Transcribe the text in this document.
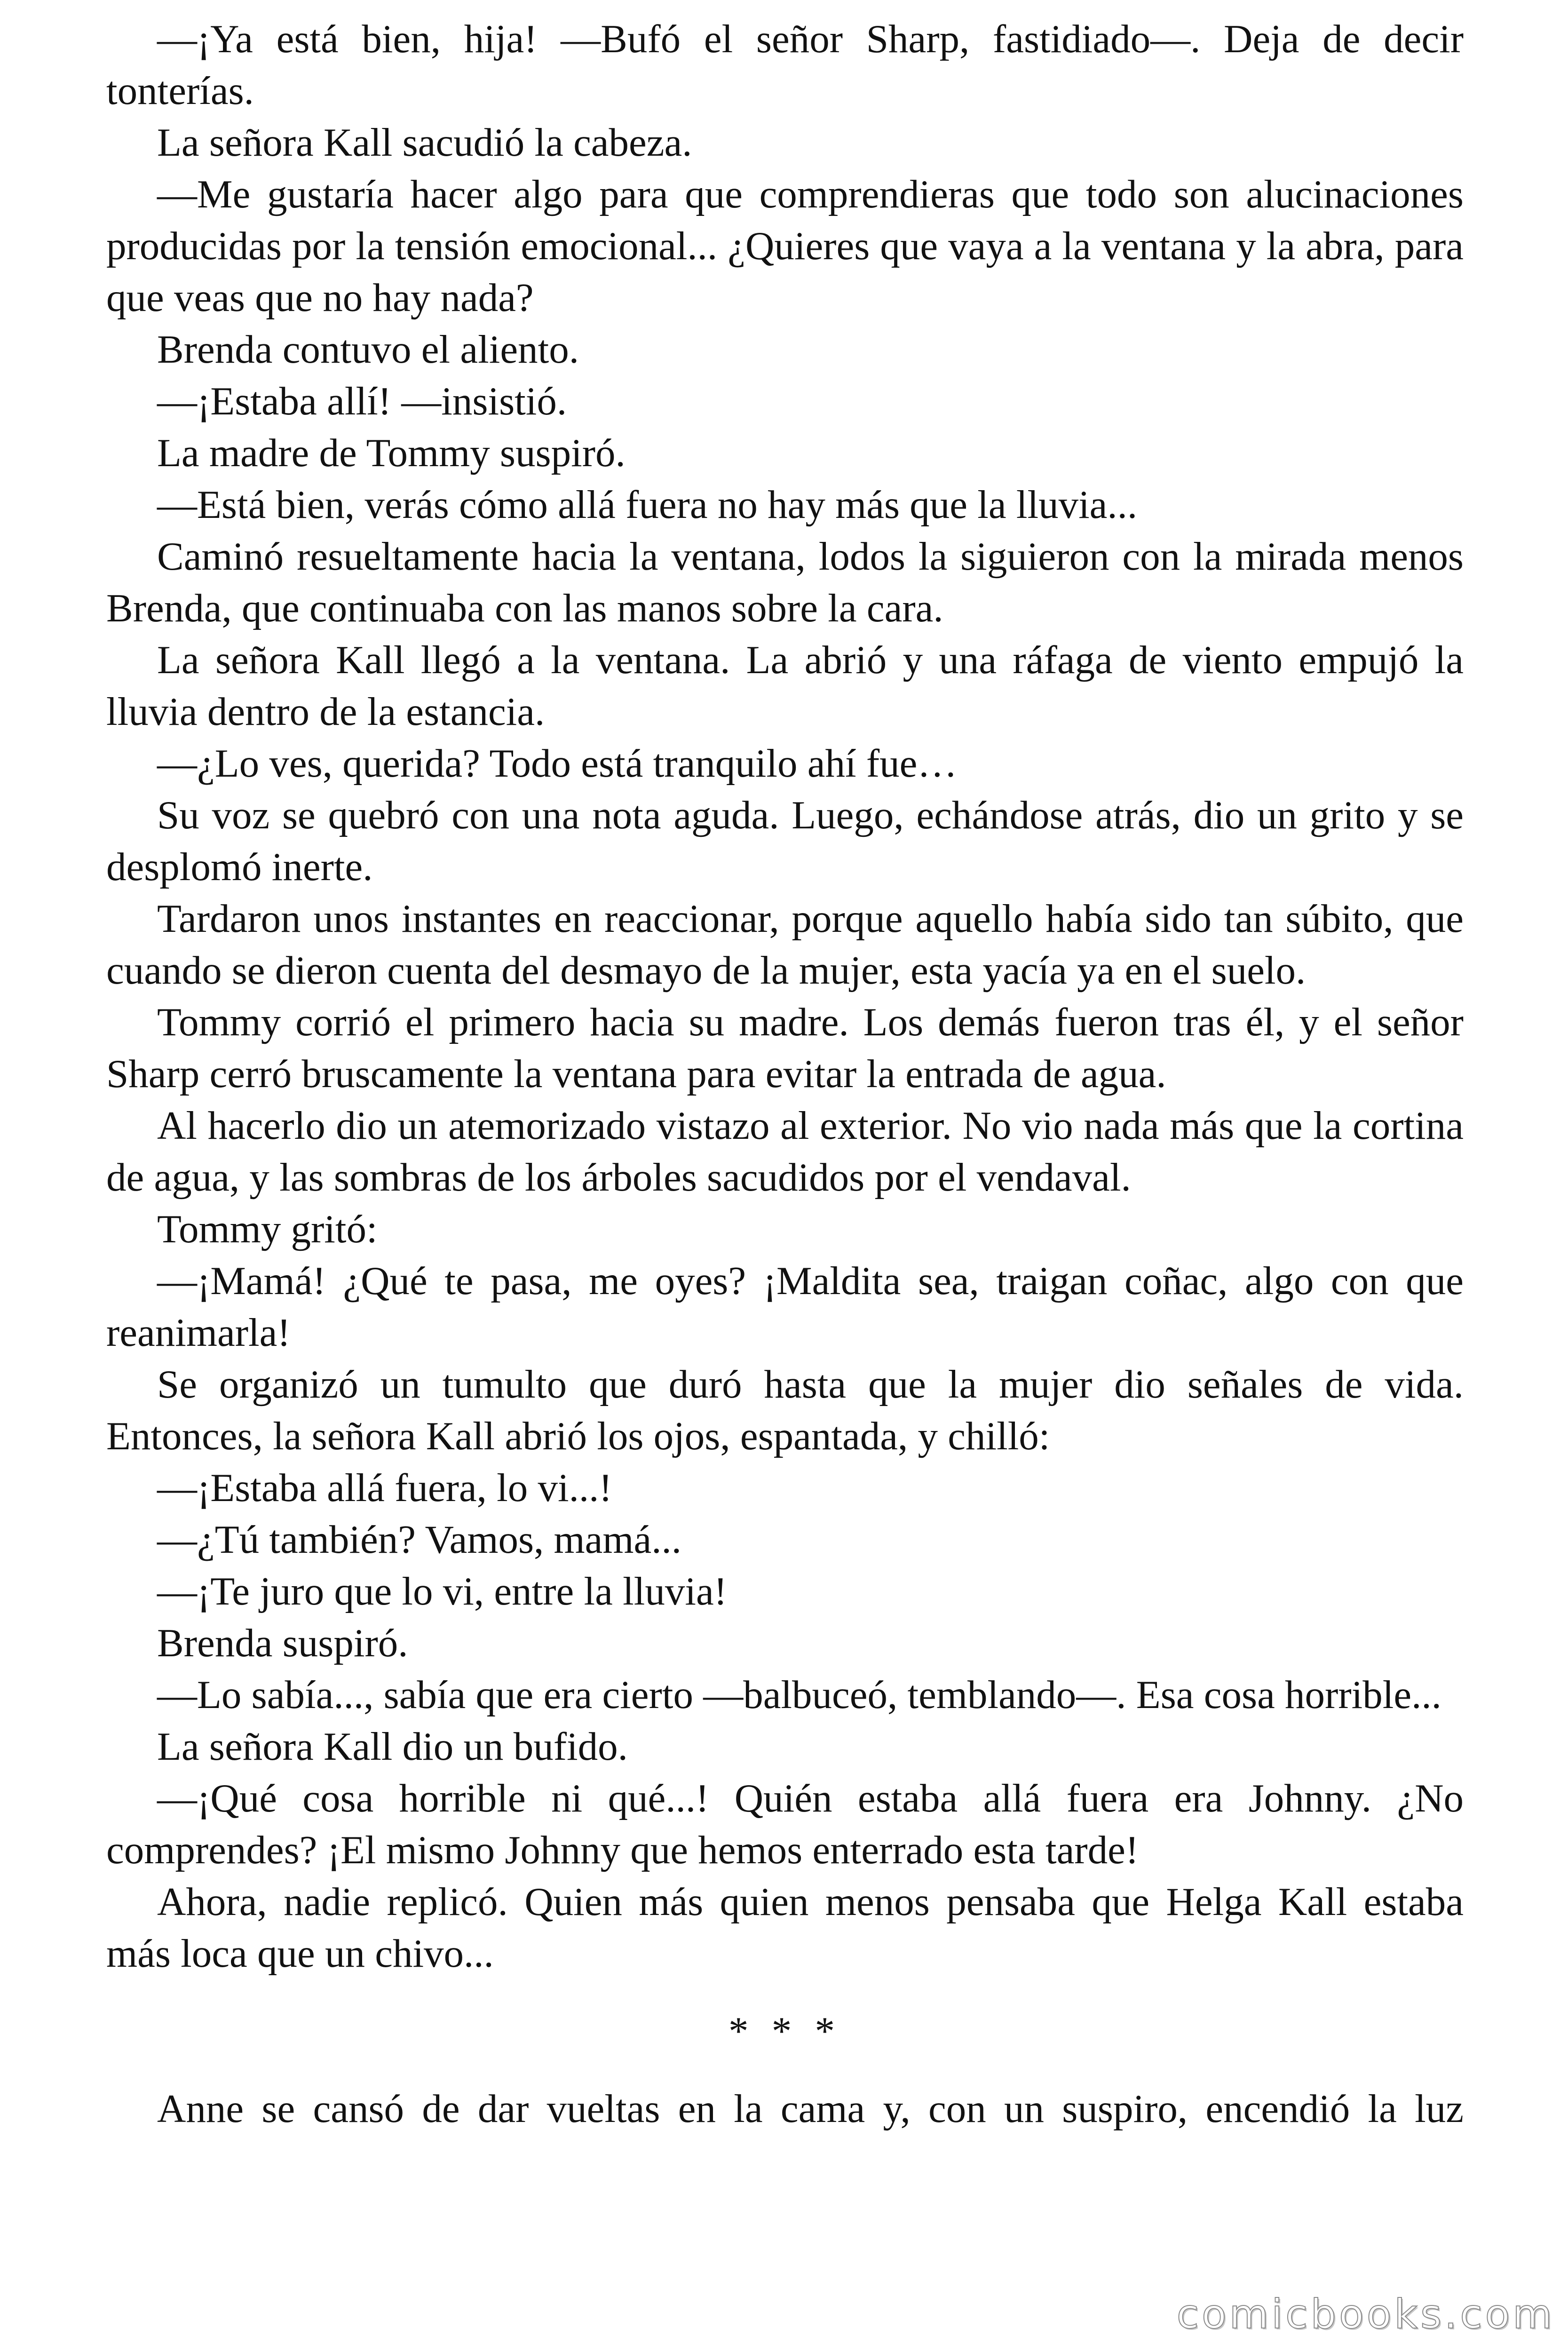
—¡Ya está bien, hija! —Bufó el señor Sharp, fastidiado—. Deja de decir tonterías.

La señora Kall sacudió la cabeza.

—Me gustaría hacer algo para que comprendieras que todo son alucinaciones producidas por la tensión emocional... ¿Quieres que vaya a la ventana y la abra, para que veas que no hay nada?

Brenda contuvo el aliento.

—¡Estaba allí! —insistió.

La madre de Tommy suspiró.

—Está bien, verás cómo allá fuera no hay más que la lluvia...

Caminó resueltamente hacia la ventana, lodos la siguieron con la mirada menos Brenda, que continuaba con las manos sobre la cara.

La señora Kall llegó a la ventana. La abrió y una ráfaga de viento empujó la lluvia dentro de la estancia.

—¿Lo ves, querida? Todo está tranquilo ahí fue…

Su voz se quebró con una nota aguda. Luego, echándose atrás, dio un grito y se desplomó inerte.

Tardaron unos instantes en reaccionar, porque aquello había sido tan súbito, que cuando se dieron cuenta del desmayo de la mujer, esta yacía ya en el suelo.

Tommy corrió el primero hacia su madre. Los demás fueron tras él, y el señor Sharp cerró bruscamente la ventana para evitar la entrada de agua.

Al hacerlo dio un atemorizado vistazo al exterior. No vio nada más que la cortina de agua, y las sombras de los árboles sacudidos por el vendaval.

Tommy gritó:

—¡Mamá! ¿Qué te pasa, me oyes? ¡Maldita sea, traigan coñac, algo con que reanimarla!

Se organizó un tumulto que duró hasta que la mujer dio señales de vida. Entonces, la señora Kall abrió los ojos, espantada, y chilló:

—¡Estaba allá fuera, lo vi...!

—¿Tú también? Vamos, mamá...

—¡Te juro que lo vi, entre la lluvia!

Brenda suspiró.

—Lo sabía..., sabía que era cierto —balbuceó, temblando—. Esa cosa horrible...

La señora Kall dio un bufido.

—¡Qué cosa horrible ni qué...! Quién estaba allá fuera era Johnny. ¿No comprendes? ¡El mismo Johnny que hemos enterrado esta tarde!

Ahora, nadie replicó. Quien más quien menos pensaba que Helga Kall estaba más loca que un chivo...

* * *

Anne se cansó de dar vueltas en la cama y, con un suspiro, encendió la luz

comicbooks.com
